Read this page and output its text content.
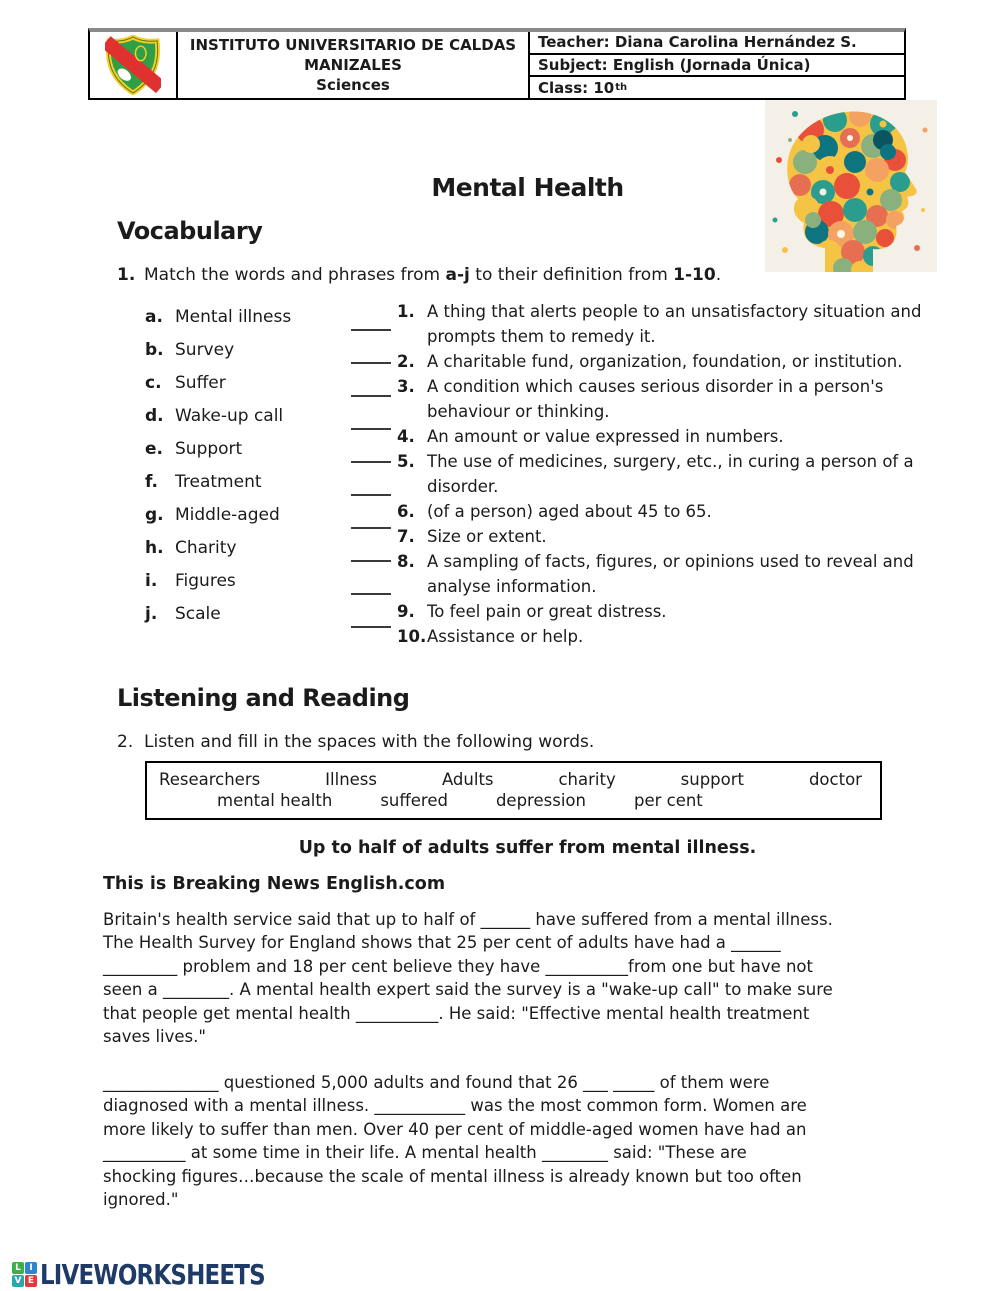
INSTITUTO UNIVERSITARIO DE CALDAS MANIZALES
Sciences
Teacher: Diana Carolina Hernández S.
Subject: English (Jornada Única)
Class: 10 th
Mental Health
Vocabulary
1. Match the words and phrases from a-j to their definition from 1-10.
a. Mental illness
b. Survey
c. Suffer
d. Wake-up call
e. Support
f.	Treatment
g. Middle-aged
h. Charity
i.	Figures
j.	Scale
1. A thing that alerts people to an unsatisfactory situation and prompts them to remedy it.
2. A charitable fund, organization, foundation, or institution.
3. A condition which causes serious disorder in a person's behaviour or thinking.
4. An amount or value expressed in numbers.
5. The use of medicines, surgery, etc., in curing a person of a disorder.
6. (of a person) aged about 45 to 65.
7. Size or extent.
8. A sampling of facts, figures, or opinions used to reveal and analyse information.
9. To feel pain or great distress.
10. Assistance or help.
Listening and Reading
2. Listen and fill in the spaces with the following words.
Researchers	Illness	Adults	charity	support	doctor
mental health	suffered	depression	per cent
Up to half of adults suffer from mental illness.
This is Breaking News English.com
Britain's health service said that up to half of ______ have suffered from a mental illness.
The Health Survey for England shows that 25 per cent of adults have had a ______
_________ problem and 18 per cent believe they have __________from one but have not
seen a ________. A mental health expert said the survey is a "wake-up call" to make sure
that people get mental health __________. He said: "Effective mental health treatment
saves lives."
______________ questioned 5,000 adults and found that 26 ___ _____ of them were
diagnosed with a mental illness. ___________ was the most common form. Women are
more likely to suffer than men. Over 40 per cent of middle-aged women have had an
__________ at some time in their life. A mental health ________ said: "These are
shocking figures…because the scale of mental illness is already known but too often
ignored."
L I
V E LIVEWORKSHEETS
